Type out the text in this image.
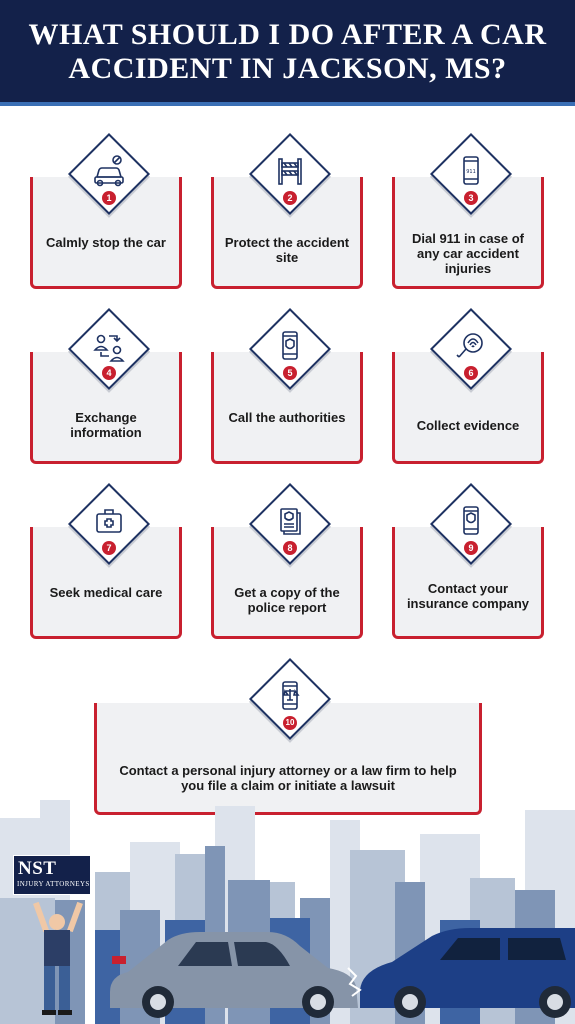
WHAT SHOULD I DO AFTER A CAR ACCIDENT IN JACKSON, MS?
Calmly stop the car
1
Protect the accident site
2
Dial 911 in case of any car accident injuries
911
3
Exchange information
4
Call the authorities
5
Collect evidence
6
Seek medical care
7
Get a copy of the police report
8
Contact your insurance company
9
Contact a personal injury attorney or a law firm to help you file a claim or initiate a lawsuit
10
NST
INJURY ATTORNEYS
